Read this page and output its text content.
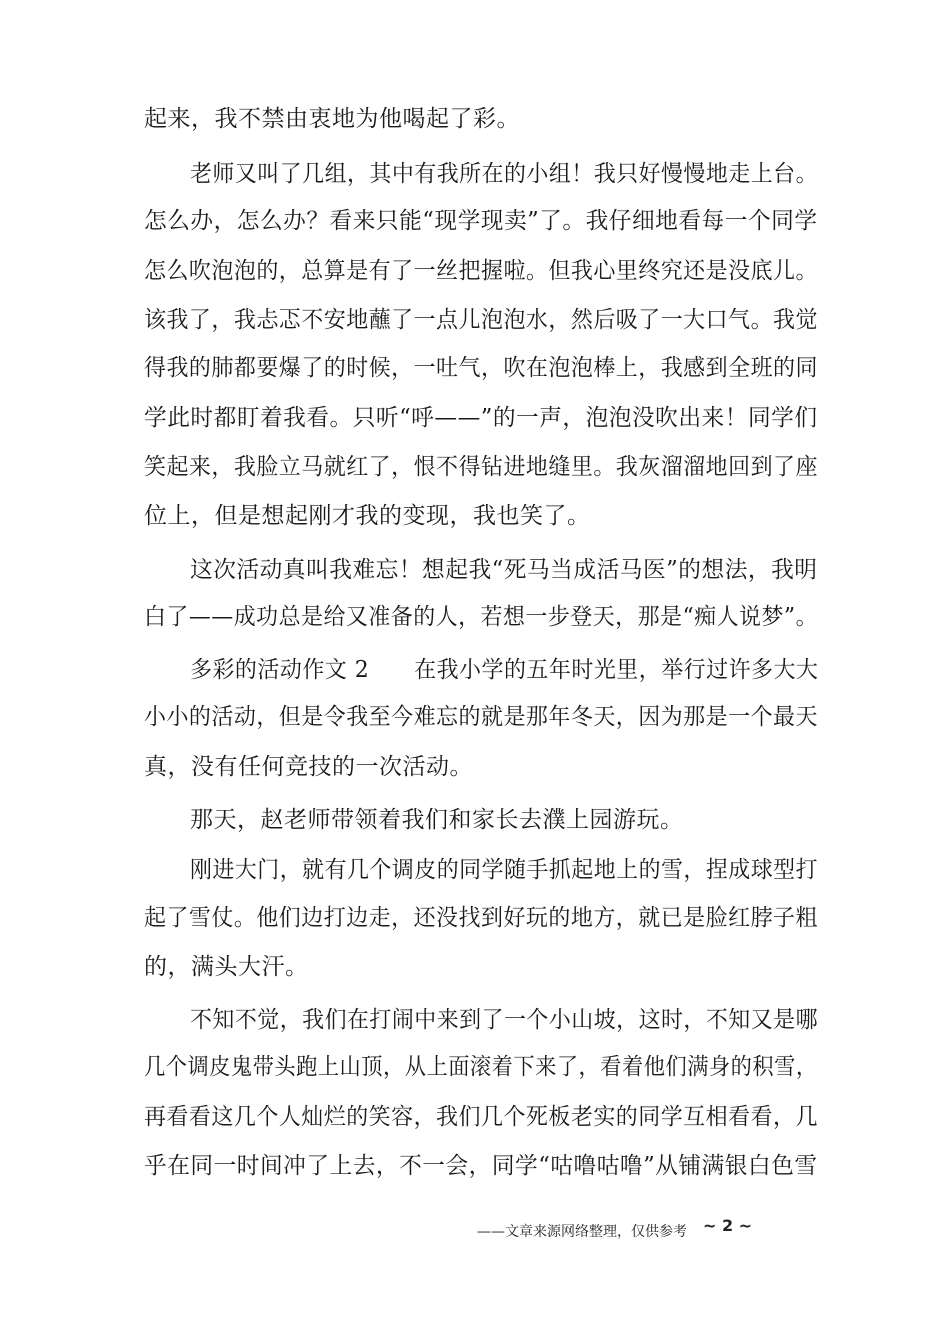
起来，我不禁由衷地为他喝起了彩。
老师又叫了几组，其中有我所在的小组！我只好慢慢地走上台。
怎么办，怎么办？看来只能“现学现卖”了。我仔细地看每一个同学
怎么吹泡泡的，总算是有了一丝把握啦。但我心里终究还是没底儿。
该我了，我忐忑不安地蘸了一点儿泡泡水，然后吸了一大口气。我觉
得我的肺都要爆了的时候，一吐气，吹在泡泡棒上，我感到全班的同
学此时都盯着我看。只听“呼——”的一声，泡泡没吹出来！同学们
笑起来，我脸立马就红了，恨不得钻进地缝里。我灰溜溜地回到了座
位上，但是想起刚才我的变现，我也笑了。
这次活动真叫我难忘！想起我“死马当成活马医”的想法，我明
白了——成功总是给又准备的人，若想一步登天，那是“痴人说梦”。
多彩的活动作文 2　　在我小学的五年时光里，举行过许多大大
小小的活动，但是令我至今难忘的就是那年冬天，因为那是一个最天
真，没有任何竞技的一次活动。
那天，赵老师带领着我们和家长去濮上园游玩。
刚进大门，就有几个调皮的同学随手抓起地上的雪，捏成球型打
起了雪仗。他们边打边走，还没找到好玩的地方，就已是脸红脖子粗
的，满头大汗。
不知不觉，我们在打闹中来到了一个小山坡，这时，不知又是哪
几个调皮鬼带头跑上山顶，从上面滚着下来了，看着他们满身的积雪，
再看看这几个人灿烂的笑容，我们几个死板老实的同学互相看看，几
乎在同一时间冲了上去，不一会，同学“咕噜咕噜”从铺满银白色雪
——文章来源网络整理，仅供参考 ~ 2 ~
